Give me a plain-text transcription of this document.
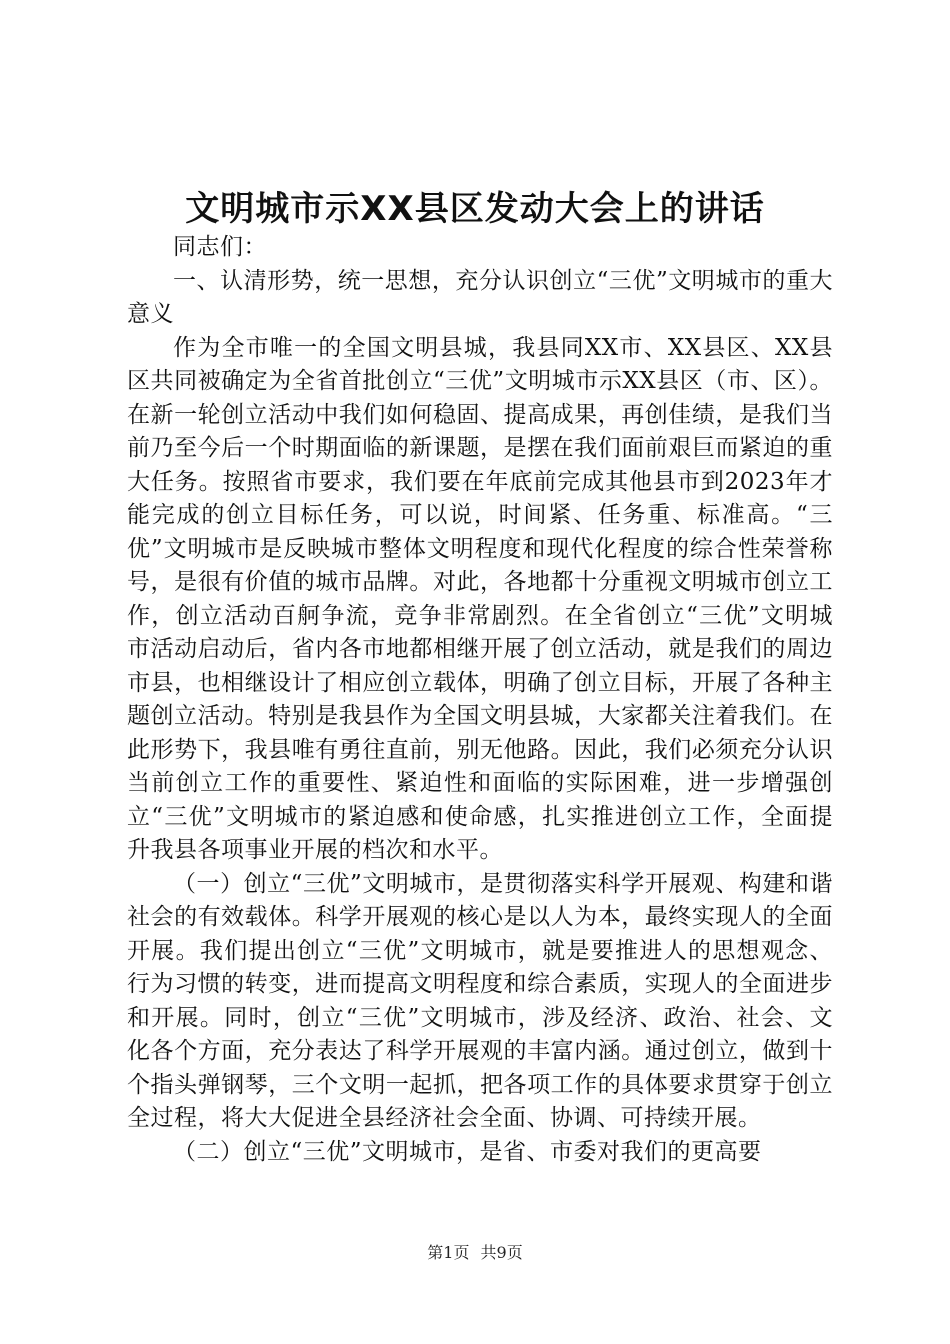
文明城市示XX县区发动大会上的讲话

同志们：

一、认清形势，统一思想，充分认识创立“三优”文明城市的重大意义

作为全市唯一的全国文明县城，我县同XX市、XX县区、XX县区共同被确定为全省首批创立“三优”文明城市示XX县区（市、区）。在新一轮创立活动中我们如何稳固、提高成果，再创佳绩，是我们当前乃至今后一个时期面临的新课题，是摆在我们面前艰巨而紧迫的重大任务。按照省市要求，我们要在年底前完成其他县市到2023年才能完成的创立目标任务，可以说，时间紧、任务重、标准高。“三优”文明城市是反映城市整体文明程度和现代化程度的综合性荣誉称号，是很有价值的城市品牌。对此，各地都十分重视文明城市创立工作，创立活动百舸争流，竞争非常剧烈。在全省创立“三优”文明城市活动启动后，省内各市地都相继开展了创立活动，就是我们的周边市县，也相继设计了相应创立载体，明确了创立目标，开展了各种主题创立活动。特别是我县作为全国文明县城，大家都关注着我们。在此形势下，我县唯有勇往直前，别无他路。因此，我们必须充分认识当前创立工作的重要性、紧迫性和面临的实际困难，进一步增强创立“三优”文明城市的紧迫感和使命感，扎实推进创立工作，全面提升我县各项事业开展的档次和水平。

（一）创立“三优”文明城市，是贯彻落实科学开展观、构建和谐社会的有效载体。科学开展观的核心是以人为本，最终实现人的全面开展。我们提出创立“三优”文明城市，就是要推进人的思想观念、行为习惯的转变，进而提高文明程度和综合素质，实现人的全面进步和开展。同时，创立“三优”文明城市，涉及经济、政治、社会、文化各个方面，充分表达了科学开展观的丰富内涵。通过创立，做到十个指头弹钢琴，三个文明一起抓，把各项工作的具体要求贯穿于创立全过程，将大大促进全县经济社会全面、协调、可持续开展。

（二）创立“三优”文明城市，是省、市委对我们的更高要

第1页 共9页
